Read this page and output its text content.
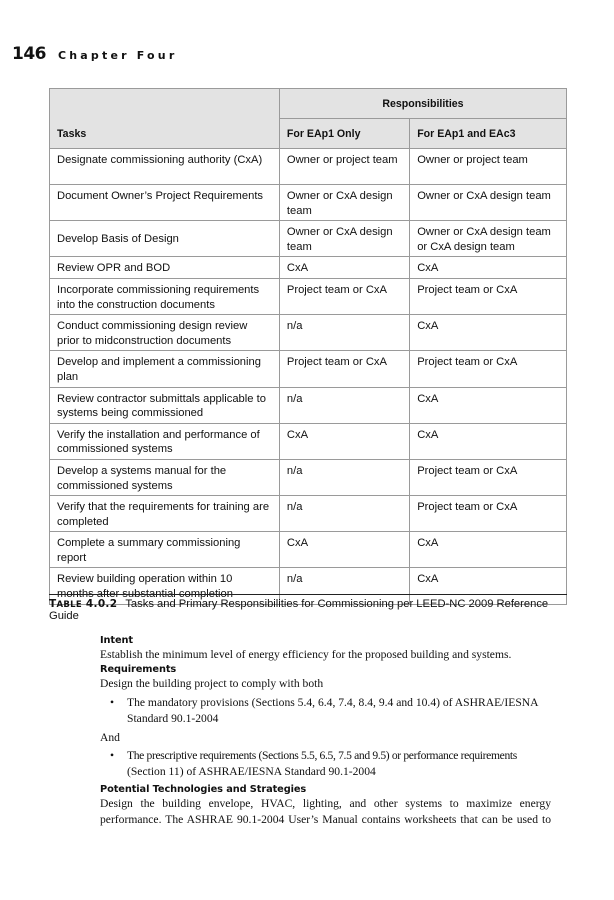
146 Chapter Four
Tasks	Responsibilities	
	For EAp1 Only	For EAp1 and EAc3
Designate commissioning authority (CxA)	Owner or project team	Owner or project team
Document Owner’s Project Requirements	Owner or CxA design team	Owner or CxA design team
Develop Basis of Design	Owner or CxA design team	Owner or CxA design team or CxA design team
Review OPR and BOD	CxA	CxA
Incorporate commissioning requirements into the construction documents	Project team or CxA	Project team or CxA
Conduct commissioning design review prior to midconstruction documents	n/a	CxA
Develop and implement a commissioning plan	Project team or CxA	Project team or CxA
Review contractor submittals applicable to systems being commissioned	n/a	CxA
Verify the installation and performance of commissioned systems	CxA	CxA
Develop a systems manual for the commissioned systems	n/a	Project team or CxA
Verify that the requirements for training are completed	n/a	Project team or CxA
Complete a summary commissioning report	CxA	CxA
Review building operation within 10 months after substantial completion	n/a	CxA
TABLE 4.0.2 Tasks and Primary Responsibilities for Commissioning per LEED-NC 2009 Reference Guide
Intent

Establish the minimum level of energy efficiency for the proposed building and systems.

Requirements

Design the building project to comply with both

• The mandatory provisions (Sections 5.4, 6.4, 7.4, 8.4, 9.4 and 10.4) of ASHRAE/IESNA
Standard 90.1-2004

And

• The prescriptive requirements (Sections 5.5, 6.5, 7.5 and 9.5) or performance requirements
(Section 11) of ASHRAE/IESNA Standard 90.1-2004
Potential Technologies and Strategies

Design the building envelope, HVAC, lighting, and other systems to maximize energy

performance. The ASHRAE 90.1-2004 User’s Manual contains worksheets that can be used to
